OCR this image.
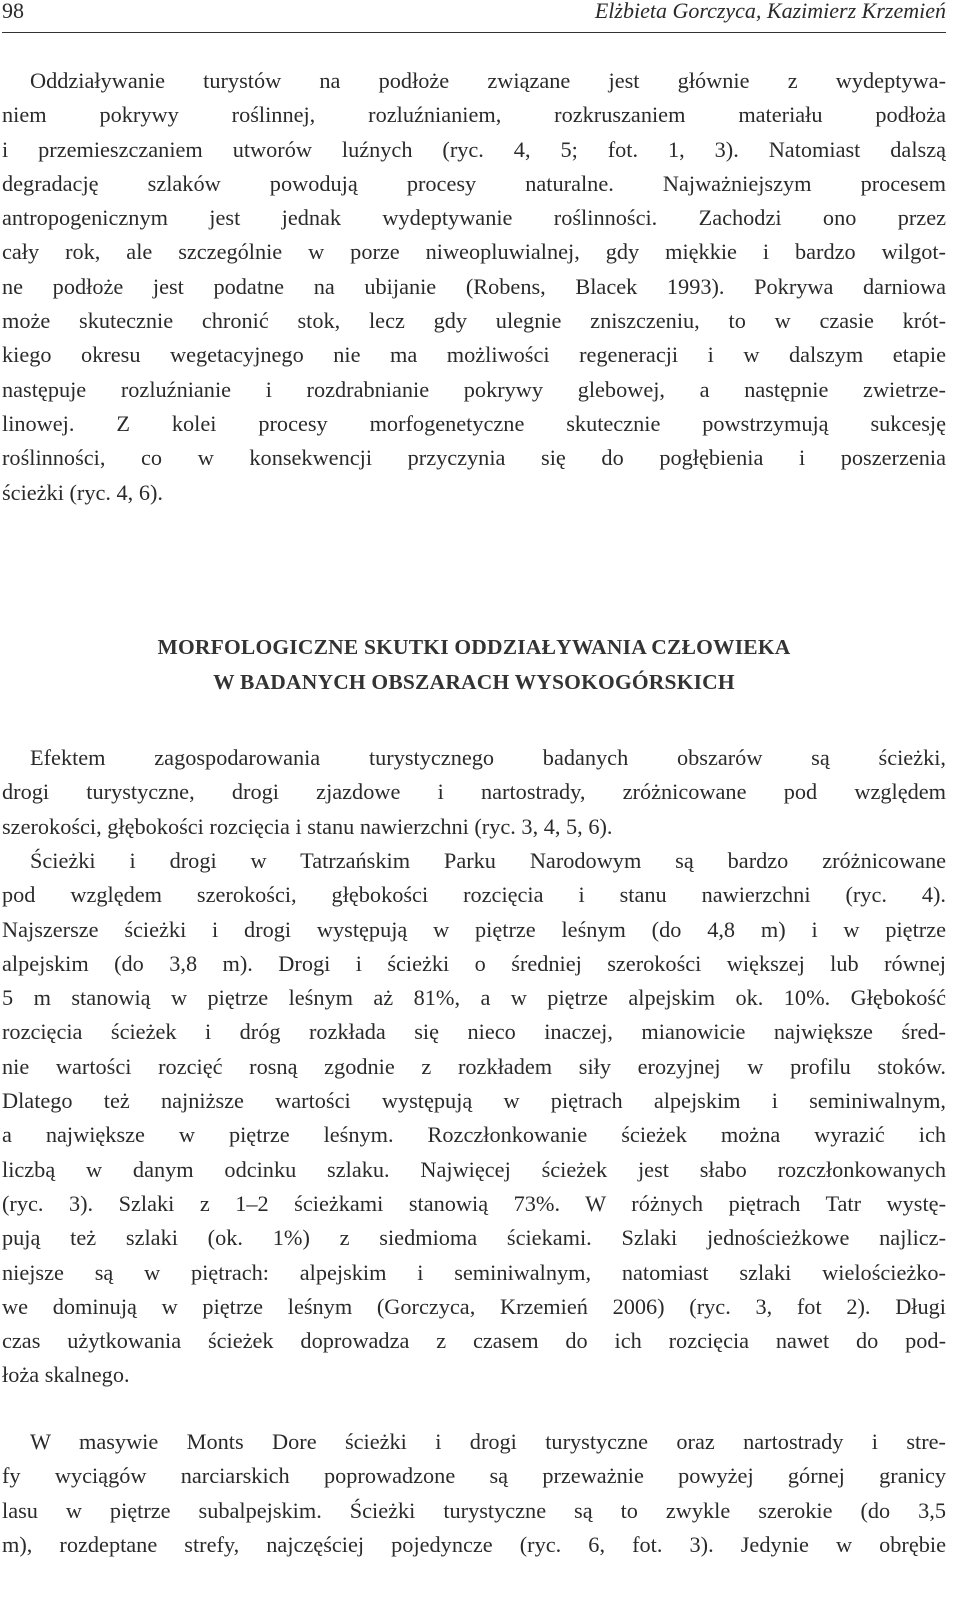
98	Elżbieta Gorczyca, Kazimierz Krzemień
Oddziaływanie turystów na podłoże związane jest głównie z wydeptywa-
niem pokrywy roślinnej, rozluźnianiem, rozkruszaniem materiału podłoża
i przemieszczaniem utworów luźnych (ryc. 4, 5; fot. 1, 3). Natomiast dalszą
degradację szlaków powodują procesy naturalne. Najważniejszym procesem
antropogenicznym jest jednak wydeptywanie roślinności. Zachodzi ono przez
cały rok, ale szczególnie w porze niweopluwialnej, gdy miękkie i bardzo wilgot-
ne podłoże jest podatne na ubijanie (Robens, Blacek 1993). Pokrywa darniowa
może skutecznie chronić stok, lecz gdy ulegnie zniszczeniu, to w czasie krót-
kiego okresu wegetacyjnego nie ma możliwości regeneracji i w dalszym etapie
następuje rozluźnianie i rozdrabnianie pokrywy glebowej, a następnie zwietrze-
linowej. Z kolei procesy morfogenetyczne skutecznie powstrzymują sukcesję
roślinności, co w konsekwencji przyczynia się do pogłębienia i poszerzenia
ścieżki (ryc. 4, 6).
MORFOLOGICZNE SKUTKI ODDZIAŁYWANIA CZŁOWIEKA
W BADANYCH OBSZARACH WYSOKOGÓRSKICH
Efektem zagospodarowania turystycznego badanych obszarów są ścieżki,
drogi turystyczne, drogi zjazdowe i nartostrady, zróżnicowane pod względem
szerokości, głębokości rozcięcia i stanu nawierzchni (ryc. 3, 4, 5, 6).
Ścieżki i drogi w Tatrzańskim Parku Narodowym są bardzo zróżnicowane
pod względem szerokości, głębokości rozcięcia i stanu nawierzchni (ryc. 4).
Najszersze ścieżki i drogi występują w piętrze leśnym (do 4,8 m) i w piętrze
alpejskim (do 3,8 m). Drogi i ścieżki o średniej szerokości większej lub równej
5 m stanowią w piętrze leśnym aż 81%, a w piętrze alpejskim ok. 10%. Głębokość
rozcięcia ścieżek i dróg rozkłada się nieco inaczej, mianowicie największe śred-
nie wartości rozcięć rosną zgodnie z rozkładem siły erozyjnej w profilu stoków.
Dlatego też najniższe wartości występują w piętrach alpejskim i seminiwalnym,
a największe w piętrze leśnym. Rozczłonkowanie ścieżek można wyrazić ich
liczbą w danym odcinku szlaku. Najwięcej ścieżek jest słabo rozczłonkowanych
(ryc. 3). Szlaki z 1–2 ścieżkami stanowią 73%. W różnych piętrach Tatr wystę-
pują też szlaki (ok. 1%) z siedmioma ściekami. Szlaki jednościeżkowe najlicz-
niejsze są w piętrach: alpejskim i seminiwalnym, natomiast szlaki wielościeżko-
we dominują w piętrze leśnym (Gorczyca, Krzemień 2006) (ryc. 3, fot 2). Długi
czas użytkowania ścieżek doprowadza z czasem do ich rozcięcia nawet do pod-
łoża skalnego.
W masywie Monts Dore ścieżki i drogi turystyczne oraz nartostrady i stre-
fy wyciągów narciarskich poprowadzone są przeważnie powyżej górnej granicy
lasu w piętrze subalpejskim. Ścieżki turystyczne są to zwykle szerokie (do 3,5
m), rozdeptane strefy, najczęściej pojedyncze (ryc. 6, fot. 3). Jedynie w obrębie
